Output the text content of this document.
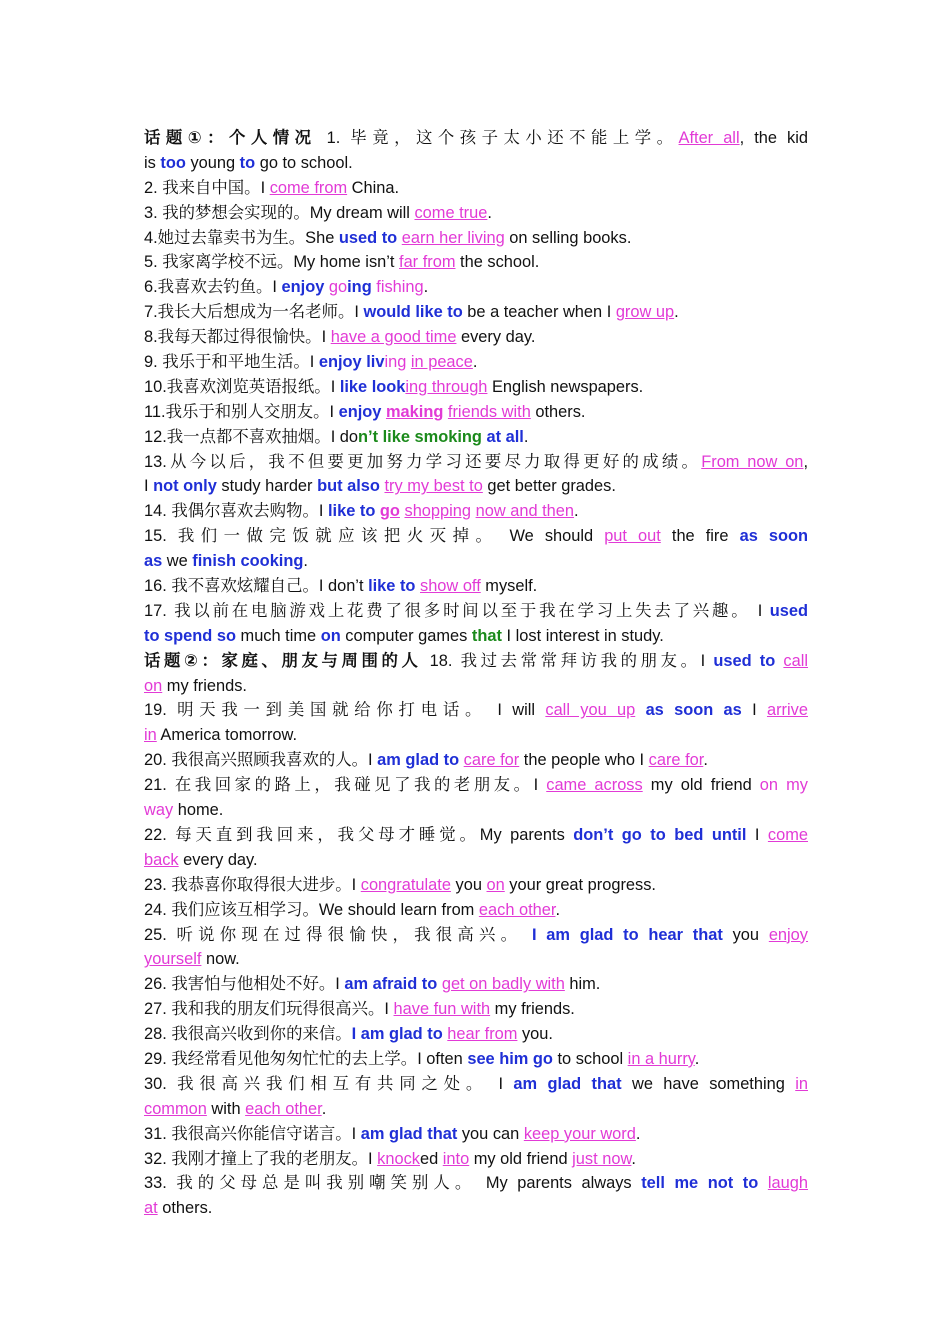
话题①：个人情况 1. 毕竟，这个孩子太小还不能上学。After all, the kid
is too young to go to school.
2. 我来自中国。I come from China.
3. 我的梦想会实现的。My dream will come true.
4.她过去靠卖书为生。She used to earn her living on selling books.
5. 我家离学校不远。My home isn’t far from the school.
6.我喜欢去钓鱼。I enjoy going fishing.
7.我长大后想成为一名老师。I would like to be a teacher when I grow up.
8.我每天都过得很愉快。I have a good time every day.
9. 我乐于和平地生活。I enjoy living in peace.
10.我喜欢浏览英语报纸。I like looking through English newspapers.
11.我乐于和别人交朋友。I enjoy making friends with others.
12.我一点都不喜欢抽烟。I don’t like smoking at all.
13.从今以后，我不但要更加努力学习还要尽力取得更好的成绩。From now on,
I not only study harder but also try my best to get better grades.
14. 我偶尔喜欢去购物。I like to go shopping now and then.
15. 我们一做完饭就应该把火灭掉。 We should put out the fire as soon
as we finish cooking.
16. 我不喜欢炫耀自己。I don’t like to show off myself.
17. 我以前在电脑游戏上花费了很多时间以至于我在学习上失去了兴趣。 I used
to spend so much time on computer games that I lost interest in study.
话题②：家庭、朋友与周围的人 18. 我过去常常拜访我的朋友。I used to call
on my friends.
19. 明天我一到美国就给你打电话。 I will call you up as soon as I arrive
in America tomorrow.
20. 我很高兴照顾我喜欢的人。I am glad to care for the people who I care for.
21. 在我回家的路上，我碰见了我的老朋友。I came across my old friend on my
way home.
22. 每天直到我回来，我父母才睡觉。My parents don’t go to bed until I come
back every day.
23. 我恭喜你取得很大进步。I congratulate you on your great progress.
24. 我们应该互相学习。We should learn from each other.
25. 听说你现在过得很愉快，我很高兴。 I am glad to hear that you enjoy
yourself now.
26. 我害怕与他相处不好。I am afraid to get on badly with him.
27. 我和我的朋友们玩得很高兴。I have fun with my friends.
28. 我很高兴收到你的来信。I am glad to hear from you.
29. 我经常看见他匆匆忙忙的去上学。I often see him go to school in a hurry.
30. 我很高兴我们相互有共同之处。 I am glad that we have something in
common with each other.
31. 我很高兴你能信守诺言。I am glad that you can keep your word.
32. 我刚才撞上了我的老朋友。I knocked into my old friend just now.
33. 我的父母总是叫我别嘲笑别人。 My parents always tell me not to laugh
at others.
